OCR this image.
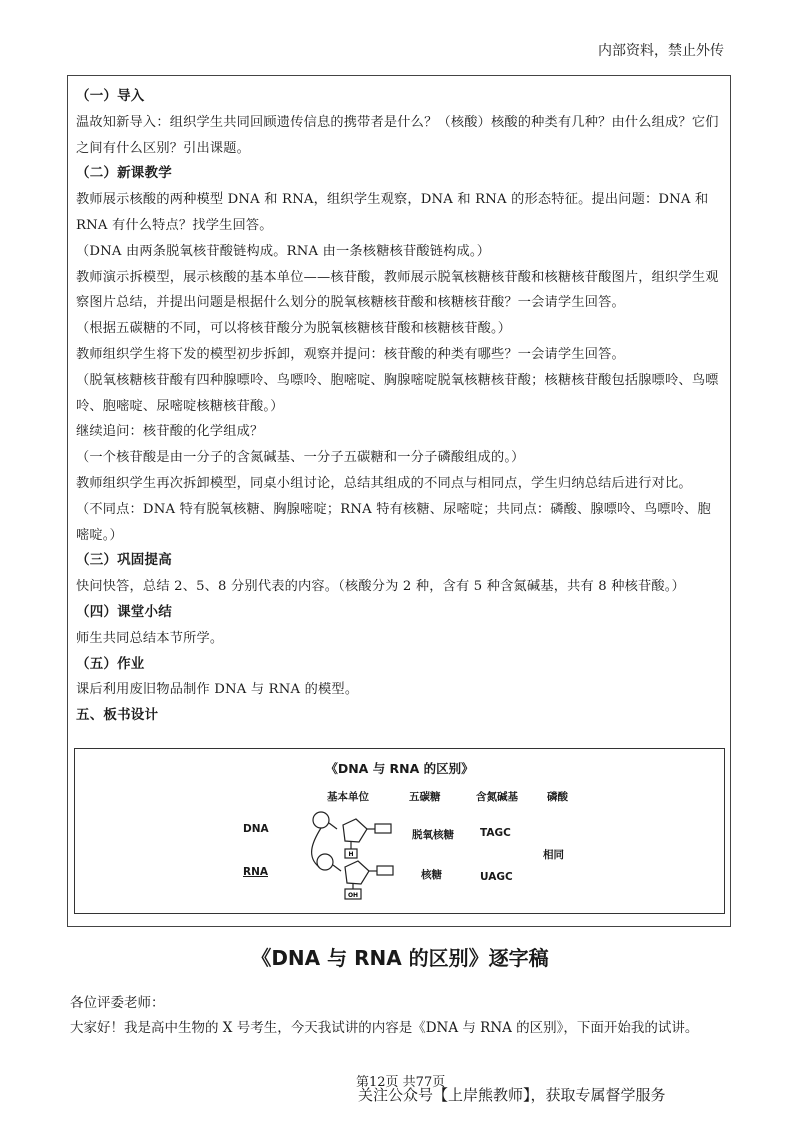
内部资料，禁止外传

（一）导入

温故知新导入：组织学生共同回顾遗传信息的携带者是什么？（核酸）核酸的种类有几种？由什么组成？它们之间有什么区别？引出课题。

（二）新课教学

教师展示核酸的两种模型 DNA 和 RNA，组织学生观察，DNA 和 RNA 的形态特征。提出问题：DNA 和 RNA 有什么特点？找学生回答。

（DNA 由两条脱氧核苷酸链构成。RNA 由一条核糖核苷酸链构成。）

教师演示拆模型，展示核酸的基本单位——核苷酸，教师展示脱氧核糖核苷酸和核糖核苷酸图片，组织学生观察图片总结，并提出问题是根据什么划分的脱氧核糖核苷酸和核糖核苷酸？一会请学生回答。

（根据五碳糖的不同，可以将核苷酸分为脱氧核糖核苷酸和核糖核苷酸。）

教师组织学生将下发的模型初步拆卸，观察并提问：核苷酸的种类有哪些？一会请学生回答。

（脱氧核糖核苷酸有四种腺嘌呤、鸟嘌呤、胞嘧啶、胸腺嘧啶脱氧核糖核苷酸；核糖核苷酸包括腺嘌呤、鸟嘌呤、胞嘧啶、尿嘧啶核糖核苷酸。）

继续追问：核苷酸的化学组成？

（一个核苷酸是由一分子的含氮碱基、一分子五碳糖和一分子磷酸组成的。）

教师组织学生再次拆卸模型，同桌小组讨论，总结其组成的不同点与相同点，学生归纳总结后进行对比。

（不同点：DNA 特有脱氧核糖、胸腺嘧啶；RNA 特有核糖、尿嘧啶；共同点：磷酸、腺嘌呤、鸟嘌呤、胞嘧啶。）

（三）巩固提高

快问快答，总结 2、5、8 分别代表的内容。（核酸分为 2 种，含有 5 种含氮碱基，共有 8 种核苷酸。）

（四）课堂小结

师生共同总结本节所学。

（五）作业

课后利用废旧物品制作 DNA 与 RNA 的模型。

五、板书设计

《DNA 与 RNA 的区别》
基本单位	五碳糖	含氮碱基	磷酸
DNA
RNA
脱氧核糖
核糖
TAGC
UAGC
相同
H
OH
《DNA 与 RNA 的区别》逐字稿
各位评委老师：
大家好！我是高中生物的 X 号考生，今天我试讲的内容是《DNA 与 RNA 的区别》，下面开始我的试讲。
第12页 共77页
关注公众号【上岸熊教师】，获取专属督学服务
